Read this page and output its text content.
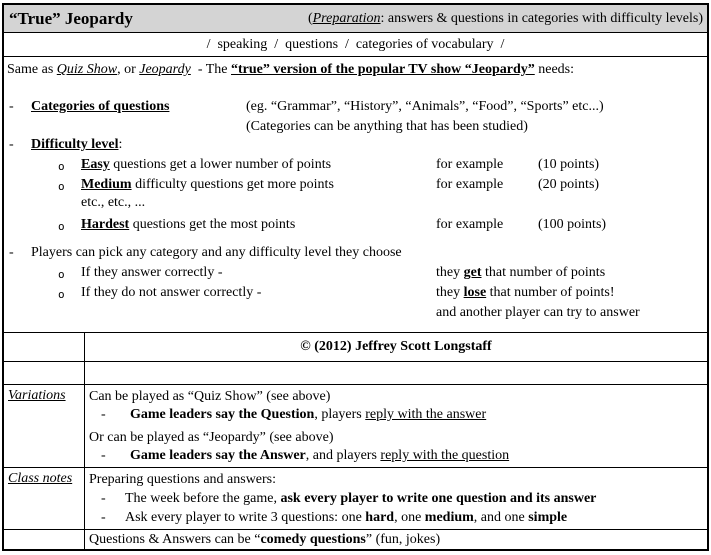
“True” Jeopardy	(Preparation: answers & questions in categories with difficulty levels)
/  speaking  /  questions  /  categories of vocabulary  /
Same as Quiz Show, or Jeopardy  - The “true” version of the popular TV show “Jeopardy” needs:
- Categories of questions	(eg. “Grammar”, “History”, “Animals”, “Food”, “Sports” etc...)
(Categories can be anything that has been studied)
- Difficulty level:
o Easy questions get a lower number of points	for example (10 points)
o Medium difficulty questions get more points	for example (20 points)
etc., etc., ...
o Hardest questions get the most points	for example (100 points)
- Players can pick any category and any difficulty level they choose
o If they answer correctly -	they get that number of points
o If they do not answer correctly -	they lose that number of points!
and another player can try to answer
© (2012) Jeffrey Scott Longstaff
Variations	Can be played as “Quiz Show” (see above)
- Game leaders say the Question, players reply with the answer
Or can be played as “Jeopardy” (see above)
- Game leaders say the Answer, and players reply with the question
Class notes	Preparing questions and answers:
- The week before the game, ask every player to write one question and its answer
- Ask every player to write 3 questions: one hard, one medium, and one simple
Questions & Answers can be “comedy questions” (fun, jokes)
